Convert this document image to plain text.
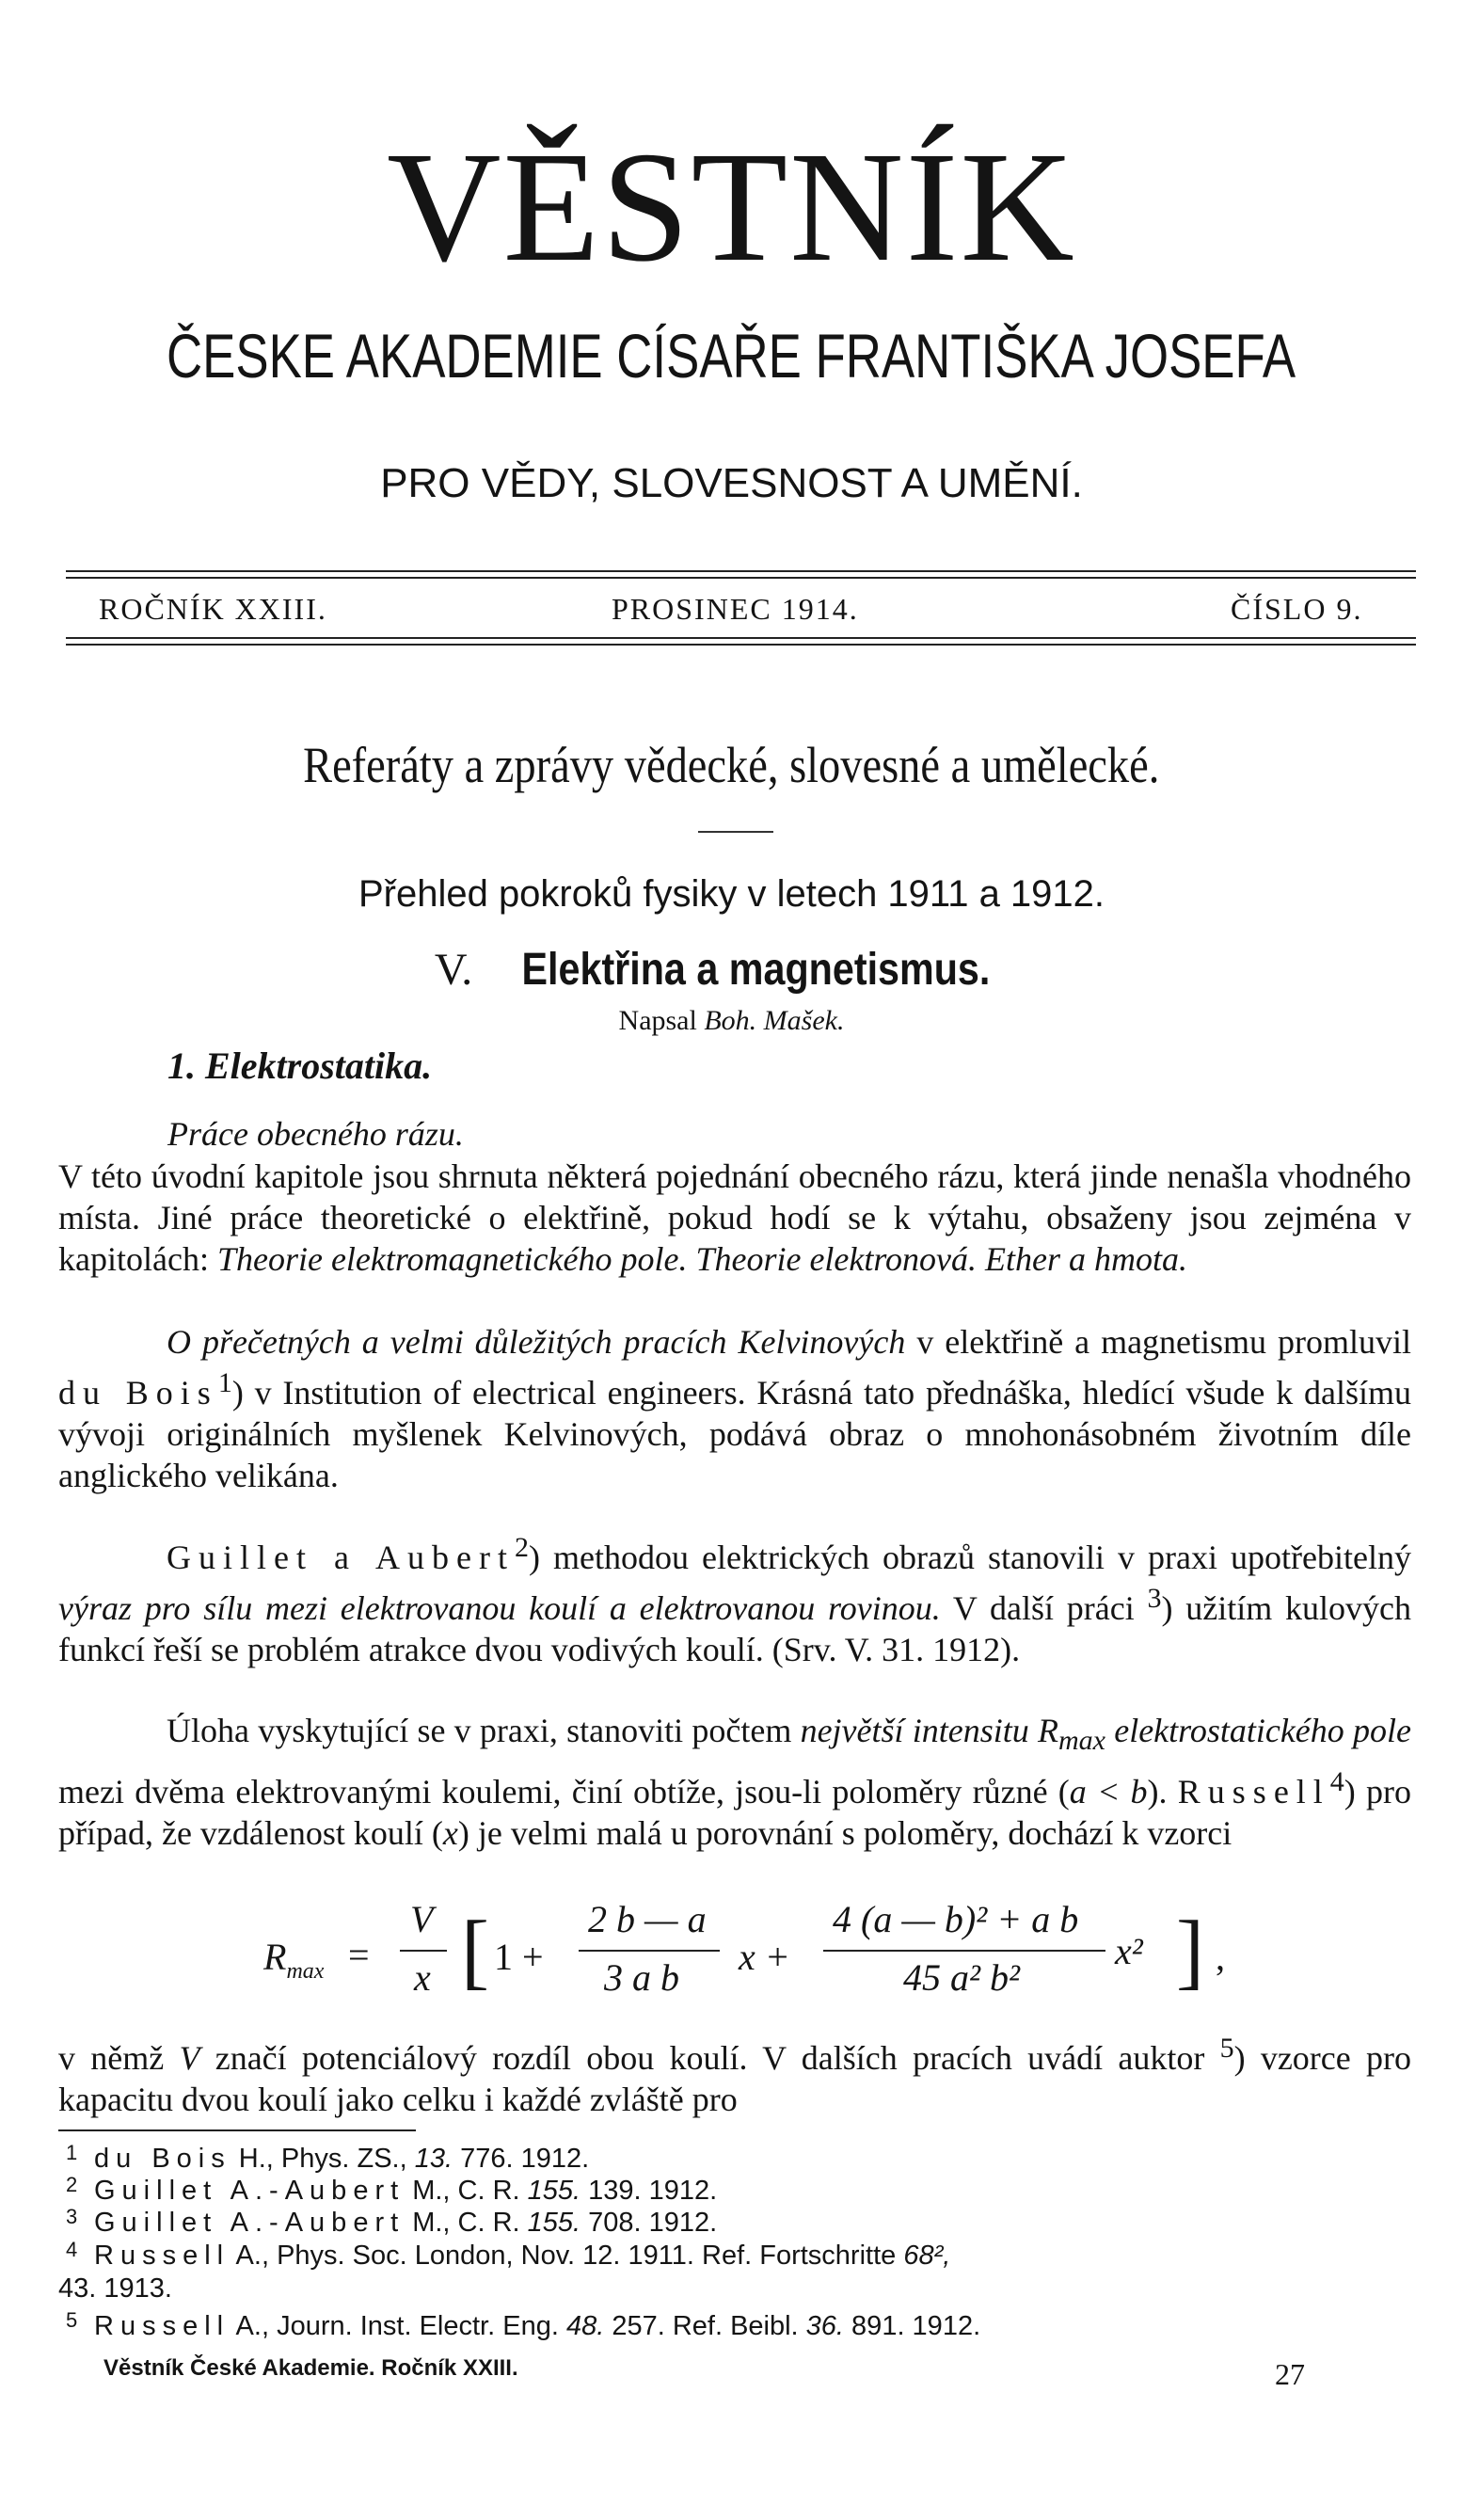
VĚSTNÍK
ČESKE AKADEMIE CÍSAŘE FRANTIŠKA JOSEFA
PRO VĚDY, SLOVESNOST A UMĚNÍ.
ROČNÍK XXIII.	PROSINEC 1914.	ČÍSLO 9.
Referáty a zprávy vědecké, slovesné a umělecké.
Přehled pokroků fysiky v letech 1911 a 1912.
V. Elektřina a magnetismus.
Napsal Boh. Mašek.
1. Elektrostatika.
Práce obecného rázu.

V této úvodní kapitole jsou shrnuta některá pojednání obecného rázu, která jinde nenašla vhodného místa. Jiné práce theoretické o elektřině, pokud hodí se k výtahu, obsaženy jsou zejména v kapitolách: Theorie elektromagnetického pole. Theorie elektronová. Ether a hmota.

O přečetných a velmi důležitých pracích Kelvinových v elektřině a magnetismu promluvil du Bois$^1$) v Institution of electrical engineers. Krásná tato přednáška, hledící všude k dalšímu vývoji originálních myšlenek Kelvinových, podává obraz o mnohonásobném životním díle anglického velikána.

Guillet a Aubert$^2$) methodou elektrických obrazů stanovili v praxi upotřebitelný výraz pro sílu mezi elektrovanou koulí a elektrovanou rovinou. V další práci $^3$) užitím kulových funkcí řeší se problém atrakce dvou vodivých koulí. (Srv. V. 31. 1912).

Úloha vyskytující se v praxi, stanoviti počtem největší intensitu $R_{max}$ elektrostatického pole mezi dvěma elektrovanými koulemi, činí obtíže, jsou-li poloměry různé (a < b). Russell$^4$) pro případ, že vzdálenost koulí (x) je velmi malá u porovnání s poloměry, dochází k vzorci

$R_{max}$ =
V
x [ 1 +
2 b — a
3 a b x +
4 (a — b)² + a b
45 a² b²
x² ] ,

v němž V značí potenciálový rozdíl obou koulí. V dalších pracích uvádí auktor $^5$) vzorce pro kapacitu dvou koulí jako celku i každé zvláště pro

1 du Bois H., Phys. ZS., 13. 776. 1912.
2 Guillet A.-Aubert M., C. R. 155. 139. 1912.
3 Guillet A.-Aubert M., C. R. 155. 708. 1912.
4 Russell A., Phys. Soc. London, Nov. 12. 1911. Ref. Fortschritte 68²,
43. 1913.
5 Russell A., Journ. Inst. Electr. Eng. 48. 257. Ref. Beibl. 36. 891. 1912.
Věstník České Akademie. Ročník XXIII.	27
